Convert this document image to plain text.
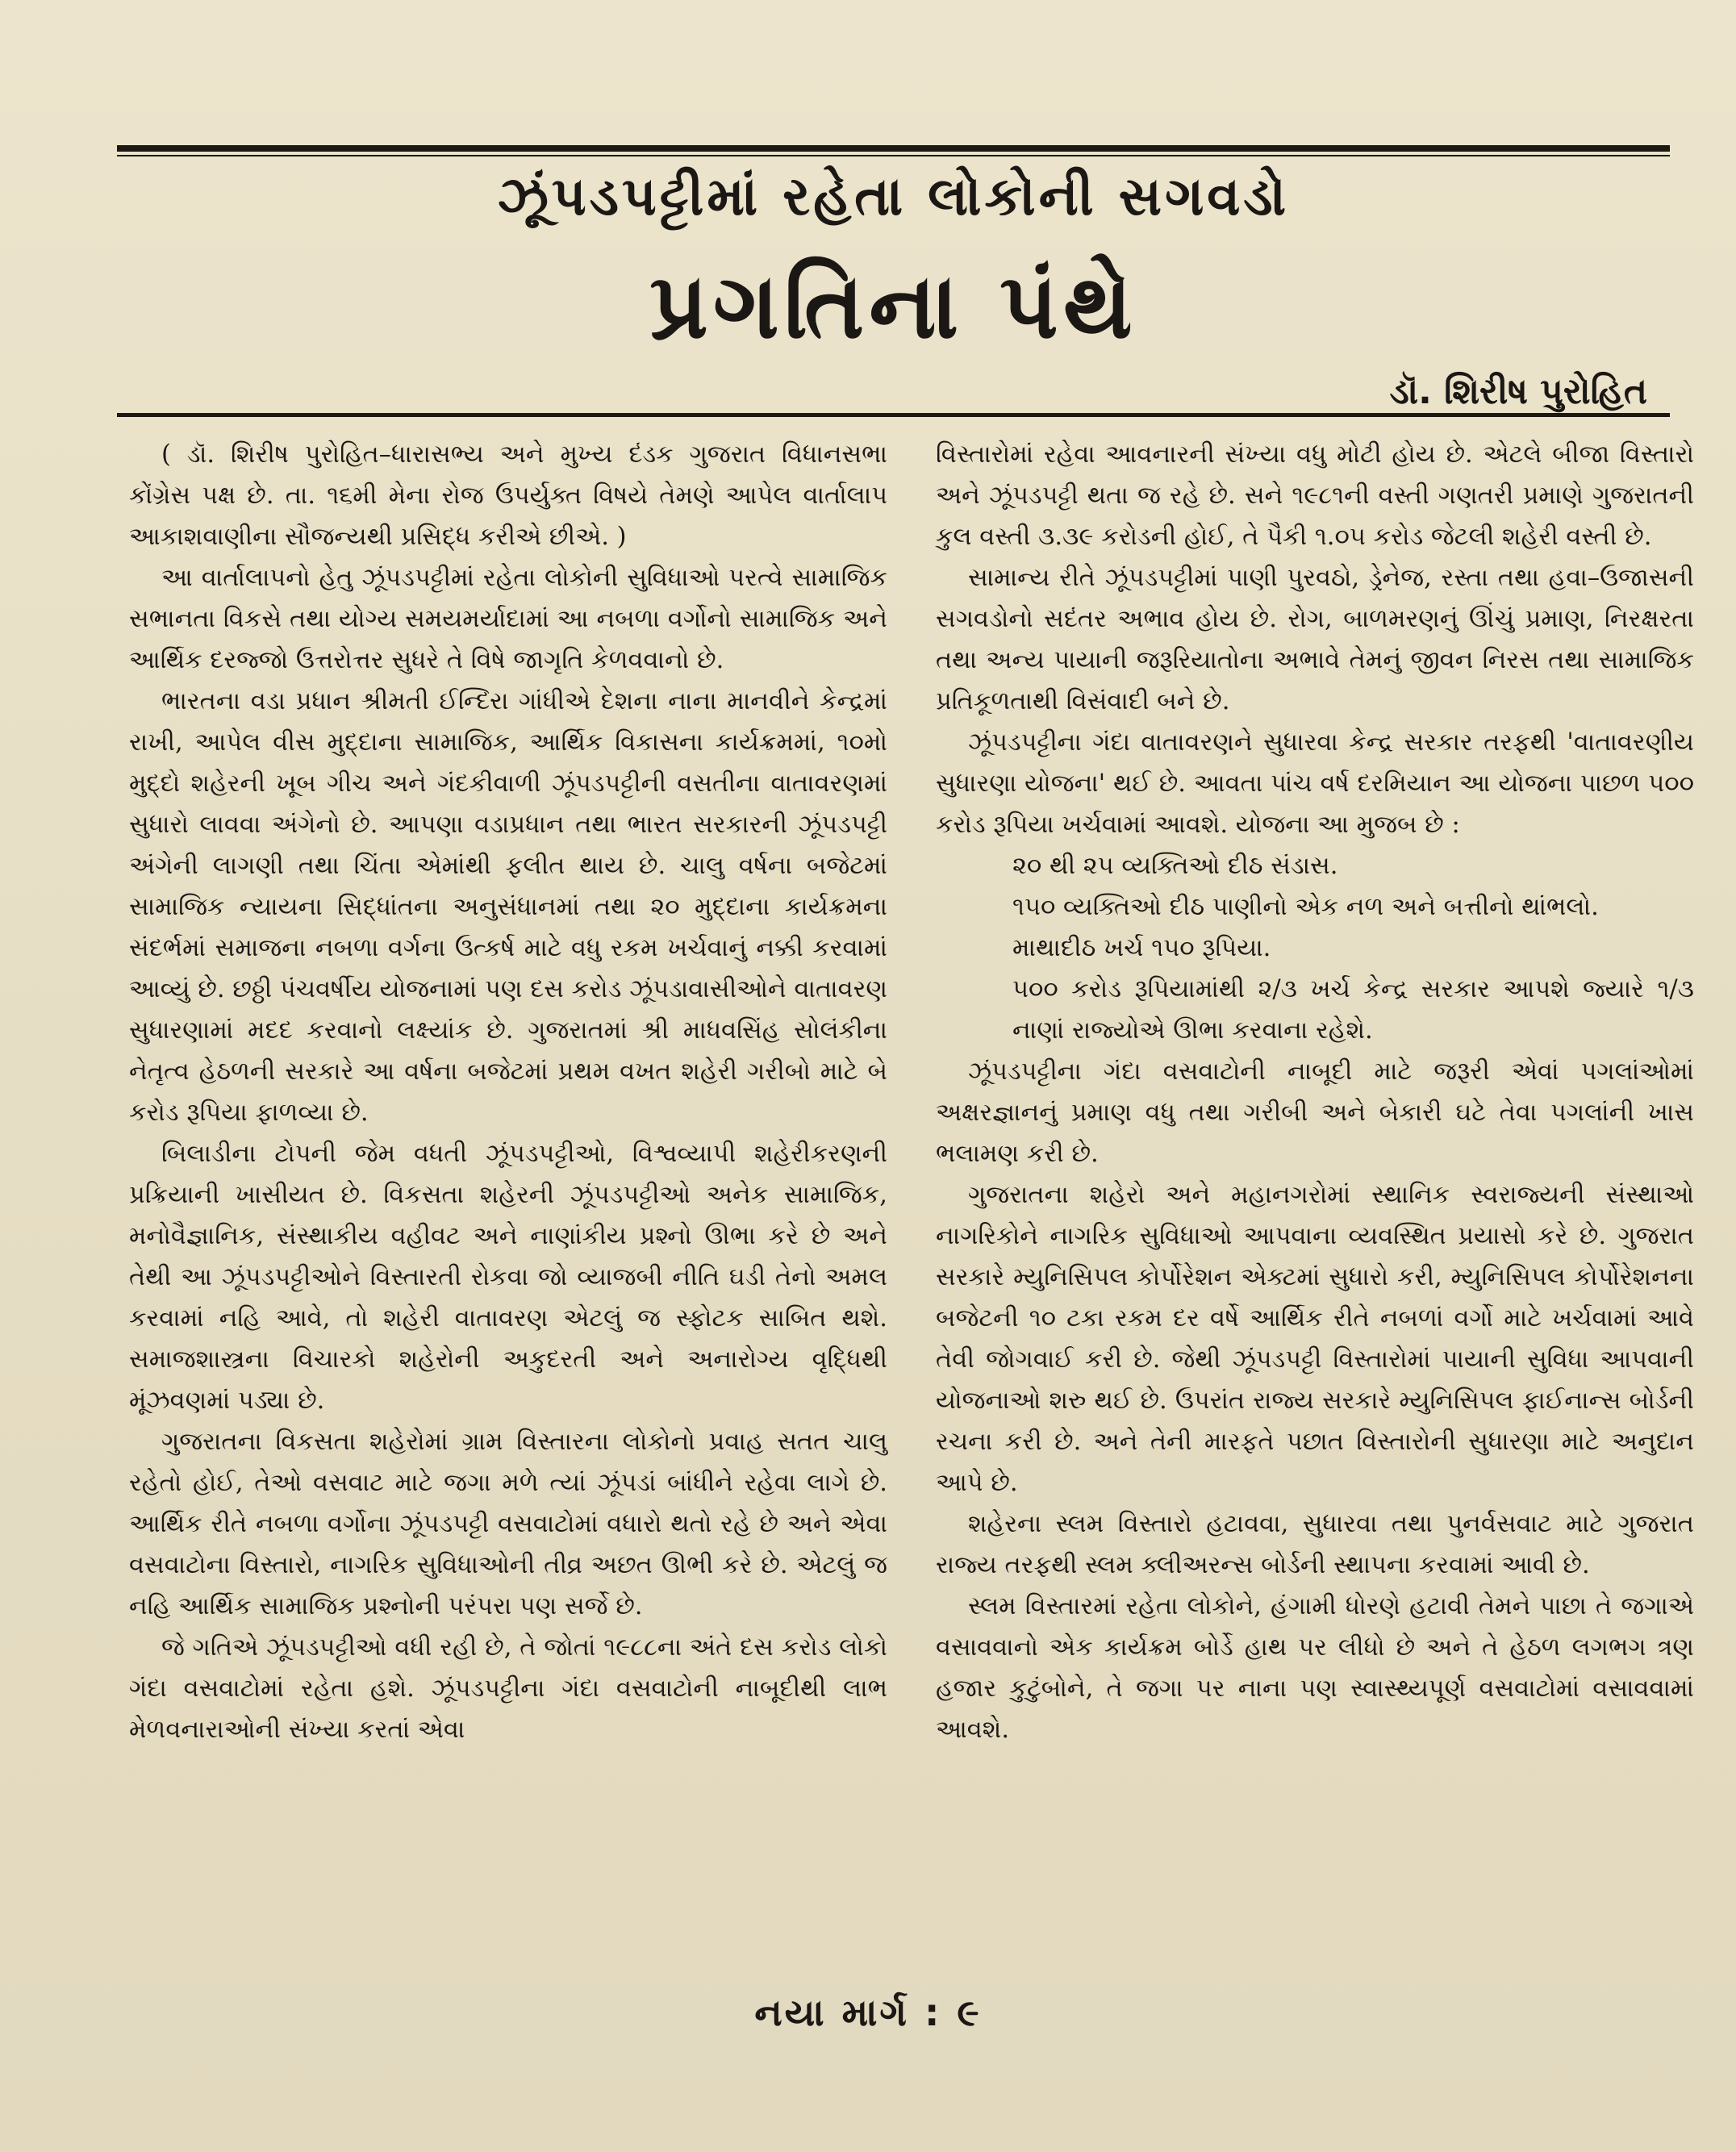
ઝૂંપડપટ્ટીમાં રહેતા લોકોની સગવડો
પ્રગતિના પંથે
ડૉ. શિરીષ પુરોહિત

( ડૉ. શિરીષ પુરોહિત–ધારાસભ્ય અને મુખ્ય દંડક ગુજરાત વિધાનસભા કોંગ્રેસ પક્ષ છે. તા. ૧૬મી મેના રોજ ઉપર્યુક્ત વિષયે તેમણે આપેલ વાર્તાલાપ આકાશવાણીના સૌજન્યથી પ્રસિદ્ધ કરીએ છીએ. )

આ વાર્તાલાપનો હેતુ ઝૂંપડપટ્ટીમાં રહેતા લોકોની સુવિધાઓ પરત્વે સામાજિક સભાનતા વિકસે તથા યોગ્ય સમયમર્યાદામાં આ નબળા વર્ગોનો સામાજિક અને આર્થિક દરજ્જો ઉત્તરોત્તર સુધરે તે વિષે જાગૃતિ કેળવવાનો છે.

ભારતના વડા પ્રધાન શ્રીમતી ઈન્દિરા ગાંધીએ દેશના નાના માનવીને કેન્દ્રમાં રાખી, આપેલ વીસ મુદ્દાના સામાજિક, આર્થિક વિકાસના કાર્યક્રમમાં, ૧૦મો મુદ્દો શહેરની ખૂબ ગીચ અને ગંદકીવાળી ઝૂંપડપટ્ટીની વસતીના વાતાવરણમાં સુધારો લાવવા અંગેનો છે. આપણા વડાપ્રધાન તથા ભારત સરકારની ઝૂંપડપટ્ટી અંગેની લાગણી તથા ચિંતા એમાંથી ફલીત થાય છે. ચાલુ વર્ષના બજેટમાં સામાજિક ન્યાયના સિદ્ધાંતના અનુસંધાનમાં તથા ૨૦ મુદ્દાના કાર્યક્રમના સંદર્ભમાં સમાજના નબળા વર્ગના ઉત્કર્ષ માટે વધુ રકમ ખર્ચવાનું નક્કી કરવામાં આવ્યું છે. છઠ્ઠી પંચવર્ષીય યોજનામાં પણ દસ કરોડ ઝૂંપડાવાસીઓને વાતાવરણ સુધારણામાં મદદ કરવાનો લક્ષ્યાંક છે. ગુજરાતમાં શ્રી માધવસિંહ સોલંકીના નેતૃત્વ હેઠળની સરકારે આ વર્ષના બજેટમાં પ્રથમ વખત શહેરી ગરીબો માટે બે કરોડ રૂપિયા ફાળવ્યા છે.

બિલાડીના ટોપની જેમ વધતી ઝૂંપડપટ્ટીઓ, વિશ્વવ્યાપી શહેરીકરણની પ્રક્રિયાની ખાસીયત છે. વિકસતા શહેરની ઝૂંપડપટ્ટીઓ અનેક સામાજિક, મનોવૈજ્ઞાનિક, સંસ્થાકીય વહીવટ અને નાણાંકીય પ્રશ્નો ઊભા કરે છે અને તેથી આ ઝૂંપડપટ્ટીઓને વિસ્તારતી રોકવા જો વ્યાજબી નીતિ ઘડી તેનો અમલ કરવામાં નહિ આવે, તો શહેરી વાતાવરણ એટલું જ સ્ફોટક સાબિત થશે. સમાજશાસ્ત્રના વિચારકો શહેરોની અકુદરતી અને અનારોગ્ય વૃદ્ધિથી મૂંઝવણમાં પડ્યા છે.

ગુજરાતના વિકસતા શહેરોમાં ગ્રામ વિસ્તારના લોકોનો પ્રવાહ સતત ચાલુ રહેતો હોઈ, તેઓ વસવાટ માટે જગા મળે ત્યાં ઝૂંપડાં બાંધીને રહેવા લાગે છે. આર્થિક રીતે નબળા વર્ગોના ઝૂંપડપટ્ટી વસવાટોમાં વધારો થતો રહે છે અને એવા વસવાટોના વિસ્તારો, નાગરિક સુવિધાઓની તીવ્ર અછત ઊભી કરે છે. એટલું જ નહિ આર્થિક સામાજિક પ્રશ્નોની પરંપરા પણ સર્જે છે.

જે ગતિએ ઝૂંપડપટ્ટીઓ વધી રહી છે, તે જોતાં ૧૯૮૮ના અંતે દસ કરોડ લોકો ગંદા વસવાટોમાં રહેતા હશે. ઝૂંપડપટ્ટીના ગંદા વસવાટોની નાબૂદીથી લાભ મેળવનારાઓની સંખ્યા કરતાં એવા

વિસ્તારોમાં રહેવા આવનારની સંખ્યા વધુ મોટી હોય છે. એટલે બીજા વિસ્તારો અને ઝૂંપડપટ્ટી થતા જ રહે છે. સને ૧૯૮૧ની વસ્તી ગણતરી પ્રમાણે ગુજરાતની કુલ વસ્તી ૩.૩૯ કરોડની હોઈ, તે પૈકી ૧.૦૫ કરોડ જેટલી શહેરી વસ્તી છે.

સામાન્ય રીતે ઝૂંપડપટ્ટીમાં પાણી પુરવઠો, ડ્રેનેજ, રસ્તા તથા હવા–ઉજાસની સગવડોનો સદંતર અભાવ હોય છે. રોગ, બાળમરણનું ઊંચું પ્રમાણ, નિરક્ષરતા તથા અન્ય પાયાની જરૂરિયાતોના અભાવે તેમનું જીવન નિરસ તથા સામાજિક પ્રતિકૂળતાથી વિસંવાદી બને છે.

ઝૂંપડપટ્ટીના ગંદા વાતાવરણને સુધારવા કેન્દ્ર સરકાર તરફથી 'વાતાવરણીય સુધારણા યોજના' થઈ છે. આવતા પાંચ વર્ષ દરમિયાન આ યોજના પાછળ ૫૦૦ કરોડ રૂપિયા ખર્ચવામાં આવશે. યોજના આ મુજબ છે :

૨૦ થી ૨૫ વ્યક્તિઓ દીઠ સંડાસ.

૧૫૦ વ્યક્તિઓ દીઠ પાણીનો એક નળ અને બત્તીનો થાંભલો.

માથાદીઠ ખર્ચ ૧૫૦ રૂપિયા.

૫૦૦ કરોડ રૂપિયામાંથી ૨/૩ ખર્ચ કેન્દ્ર સરકાર આપશે જ્યારે ૧/૩ નાણાં રાજ્યોએ ઊભા કરવાના રહેશે.

ઝૂંપડપટ્ટીના ગંદા વસવાટોની નાબૂદી માટે જરૂરી એવાં પગલાંઓમાં અક્ષરજ્ઞાનનું પ્રમાણ વધુ તથા ગરીબી અને બેકારી ઘટે તેવા પગલાંની ખાસ ભલામણ કરી છે.

ગુજરાતના શહેરો અને મહાનગરોમાં સ્થાનિક સ્વરાજ્યની સંસ્થાઓ નાગરિકોને નાગરિક સુવિધાઓ આપવાના વ્યવસ્થિત પ્રયાસો કરે છે. ગુજરાત સરકારે મ્યુનિસિપલ કોર્પોરેશન એક્ટમાં સુધારો કરી, મ્યુનિસિપલ કોર્પોરેશનના બજેટની ૧૦ ટકા રકમ દર વર્ષે આર્થિક રીતે નબળાં વર્ગો માટે ખર્ચવામાં આવે તેવી જોગવાઈ કરી છે. જેથી ઝૂંપડપટ્ટી વિસ્તારોમાં પાયાની સુવિધા આપવાની યોજનાઓ શરુ થઈ છે. ઉપરાંત રાજ્ય સરકારે મ્યુનિસિપલ ફાઈનાન્સ બોર્ડની રચના કરી છે. અને તેની મારફતે પછાત વિસ્તારોની સુધારણા માટે અનુદાન આપે છે.

શહેરના સ્લમ વિસ્તારો હટાવવા, સુધારવા તથા પુનર્વસવાટ માટે ગુજરાત રાજ્ય તરફથી સ્લમ ક્લીઅરન્સ બોર્ડની સ્થાપના કરવામાં આવી છે.

સ્લમ વિસ્તારમાં રહેતા લોકોને, હંગામી ધોરણે હટાવી તેમને પાછા તે જગાએ વસાવવાનો એક કાર્યક્રમ બોર્ડે હાથ પર લીધો છે અને તે હેઠળ લગભગ ત્રણ હજાર કુટુંબોને, તે જગા પર નાના પણ સ્વાસ્થ્યપૂર્ણ વસવાટોમાં વસાવવામાં આવશે.

નયા માર્ગ : ૯
